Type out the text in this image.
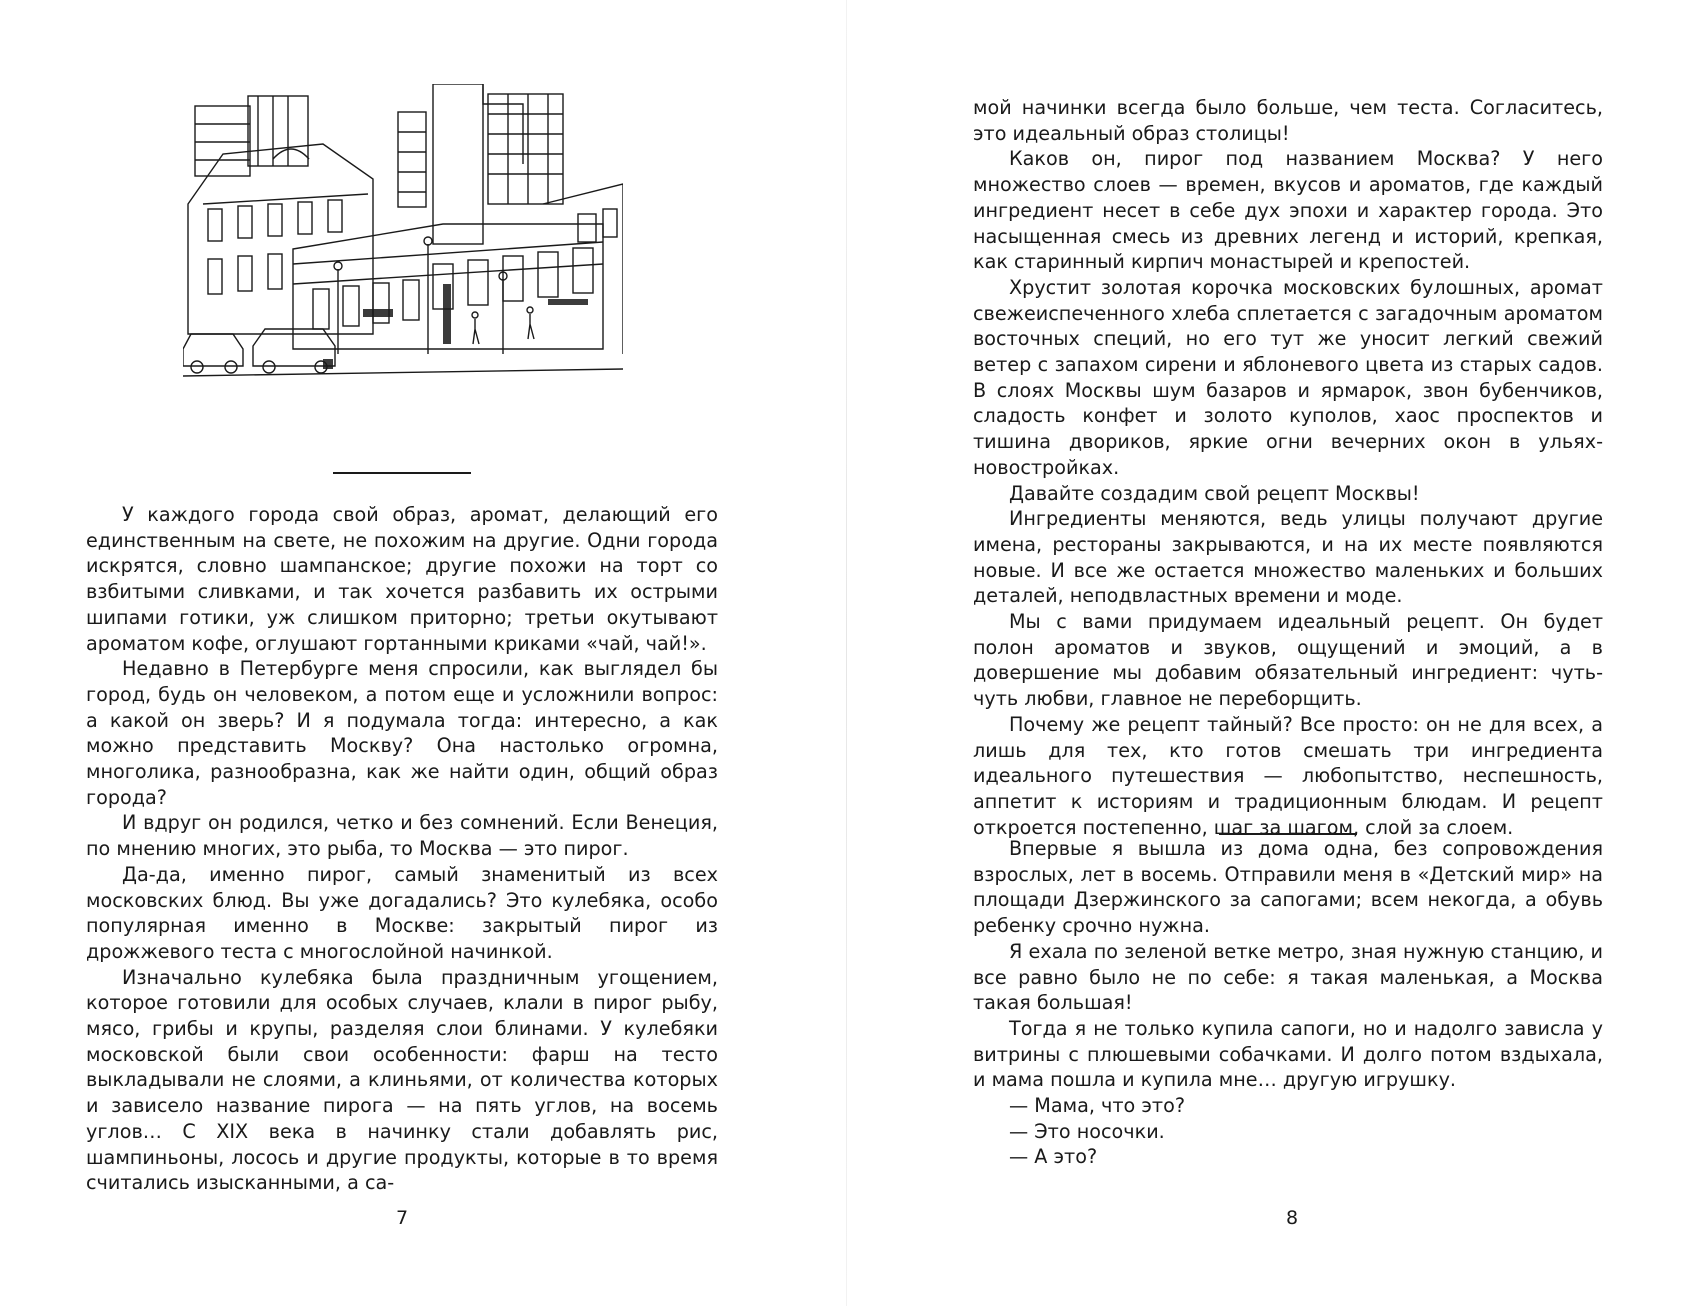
У каждого города свой образ, аромат, делающий его единственным на свете, не похожим на другие. Одни города искрятся, словно шампанское; другие похожи на торт со взбитыми сливками, и так хочется разбавить их острыми шипами готики, уж слишком приторно; третьи окутывают ароматом кофе, оглушают гортанными криками «чай, чай!».

Недавно в Петербурге меня спросили, как выглядел бы город, будь он человеком, а потом еще и усложнили вопрос: а какой он зверь? И я подумала тогда: интересно, а как можно представить Москву? Она настолько огромна, многолика, разнообразна, как же найти один, общий образ города?

И вдруг он родился, четко и без сомнений. Если Венеция, по мнению многих, это рыба, то Москва — это пирог.

Да-да, именно пирог, самый знаменитый из всех московских блюд. Вы уже догадались? Это кулебяка, особо популярная именно в Москве: закрытый пирог из дрожжевого теста с многослойной начинкой.

Изначально кулебяка была праздничным угощением, которое готовили для особых случаев, клали в пирог рыбу, мясо, грибы и крупы, разделяя слои блинами. У кулебяки московской были свои особенности: фарш на тесто выкладывали не слоями, а клиньями, от количества которых и зависело название пирога — на пять углов, на восемь углов… С XIX века в начинку стали добавлять рис, шампиньоны, лосось и другие продукты, которые в то время считались изысканными, а са-

7

мой начинки всегда было больше, чем теста. Согласитесь, это идеальный образ столицы!

Каков он, пирог под названием Москва? У него множество слоев — времен, вкусов и ароматов, где каждый ингредиент несет в себе дух эпохи и характер города. Это насыщенная смесь из древних легенд и историй, крепкая, как старинный кирпич монастырей и крепостей.

Хрустит золотая корочка московских булошных, аромат свежеиспеченного хлеба сплетается с загадочным ароматом восточных специй, но его тут же уносит легкий свежий ветер с запахом сирени и яблоневого цвета из старых садов. В слоях Москвы шум базаров и ярмарок, звон бубенчиков, сладость конфет и золото куполов, хаос проспектов и тишина двориков, яркие огни вечерних окон в ульях-новостройках.

Давайте создадим свой рецепт Москвы!

Ингредиенты меняются, ведь улицы получают другие имена, рестораны закрываются, и на их месте появляются новые. И все же остается множество маленьких и больших деталей, неподвластных времени и моде.

Мы с вами придумаем идеальный рецепт. Он будет полон ароматов и звуков, ощущений и эмоций, а в довершение мы добавим обязательный ингредиент: чуть-чуть любви, главное не переборщить.

Почему же рецепт тайный? Все просто: он не для всех, а лишь для тех, кто готов смешать три ингредиента идеального путешествия — любопытство, неспешность, аппетит к историям и традиционным блюдам. И рецепт откроется постепенно, шаг за шагом, слой за слоем.

Впервые я вышла из дома одна, без сопровождения взрослых, лет в восемь. Отправили меня в «Детский мир» на площади Дзержинского за сапогами; всем некогда, а обувь ребенку срочно нужна.

Я ехала по зеленой ветке метро, зная нужную станцию, и все равно было не по себе: я такая маленькая, а Москва такая большая!

Тогда я не только купила сапоги, но и надолго зависла у витрины с плюшевыми собачками. И долго потом вздыхала, и мама пошла и купила мне… другую игрушку.

— Мама, что это?

— Это носочки.

— А это?

8
